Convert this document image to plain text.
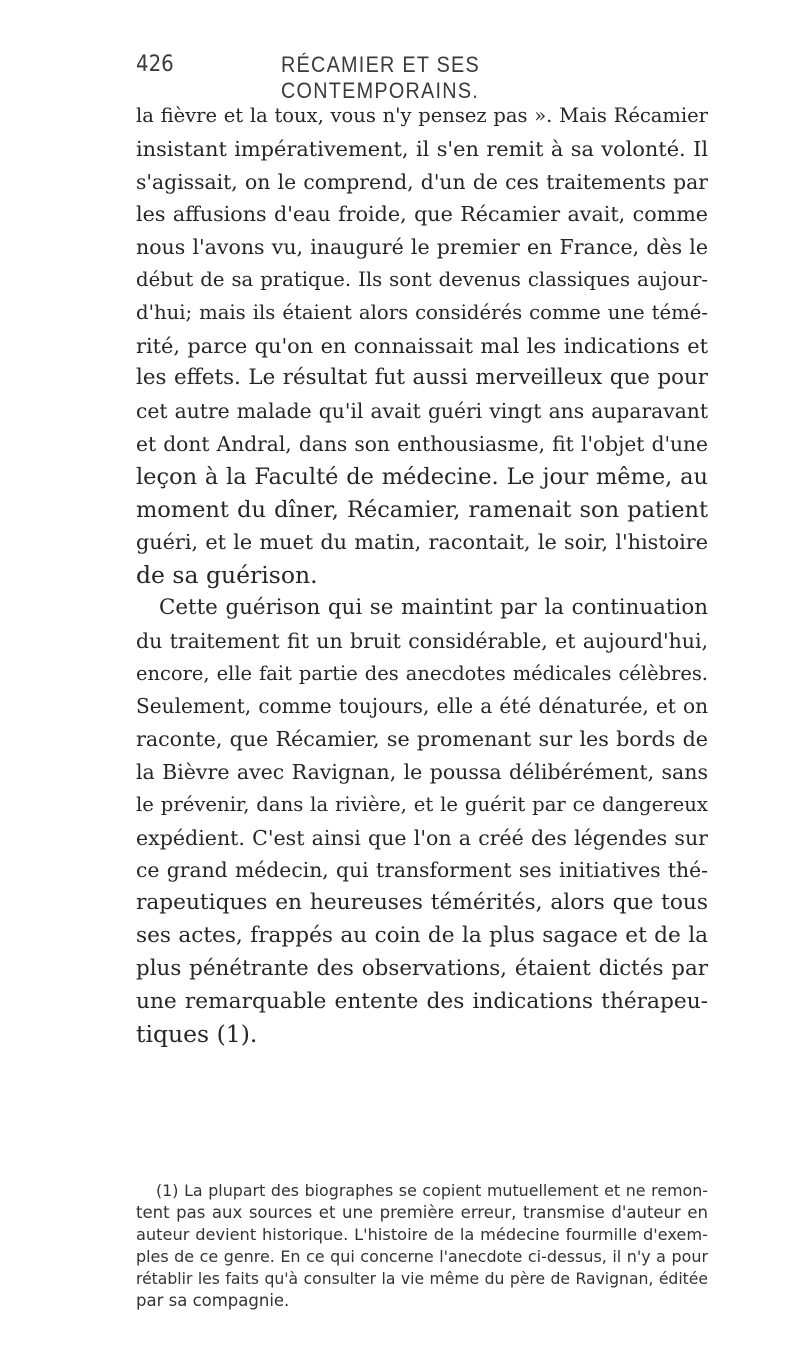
426	RÉCAMIER ET SES CONTEMPORAINS.
la fièvre et la toux, vous n'y pensez pas ». Mais Récamier
insistant impérativement, il s'en remit à sa volonté. Il
s'agissait, on le comprend, d'un de ces traitements par
les affusions d'eau froide, que Récamier avait, comme
nous l'avons vu, inauguré le premier en France, dès le
début de sa pratique. Ils sont devenus classiques aujour-
d'hui; mais ils étaient alors considérés comme une témé-
rité, parce qu'on en connaissait mal les indications et
les effets. Le résultat fut aussi merveilleux que pour
cet autre malade qu'il avait guéri vingt ans auparavant
et dont Andral, dans son enthousiasme, fit l'objet d'une
leçon à la Faculté de médecine. Le jour même, au
moment du dîner, Récamier, ramenait son patient
guéri, et le muet du matin, racontait, le soir, l'histoire
de sa guérison.
Cette guérison qui se maintint par la continuation
du traitement fit un bruit considérable, et aujourd'hui,
encore, elle fait partie des anecdotes médicales célèbres.
Seulement, comme toujours, elle a été dénaturée, et on
raconte, que Récamier, se promenant sur les bords de
la Bièvre avec Ravignan, le poussa délibérément, sans
le prévenir, dans la rivière, et le guérit par ce dangereux
expédient. C'est ainsi que l'on a créé des légendes sur
ce grand médecin, qui transforment ses initiatives thé-
rapeutiques en heureuses témérités, alors que tous
ses actes, frappés au coin de la plus sagace et de la
plus pénétrante des observations, étaient dictés par
une remarquable entente des indications thérapeu-
tiques (1).
(1) La plupart des biographes se copient mutuellement et ne remon-
tent pas aux sources et une première erreur, transmise d'auteur en
auteur devient historique. L'histoire de la médecine fourmille d'exem-
ples de ce genre. En ce qui concerne l'anecdote ci-dessus, il n'y a pour
rétablir les faits qu'à consulter la vie même du père de Ravignan, éditée
par sa compagnie.
